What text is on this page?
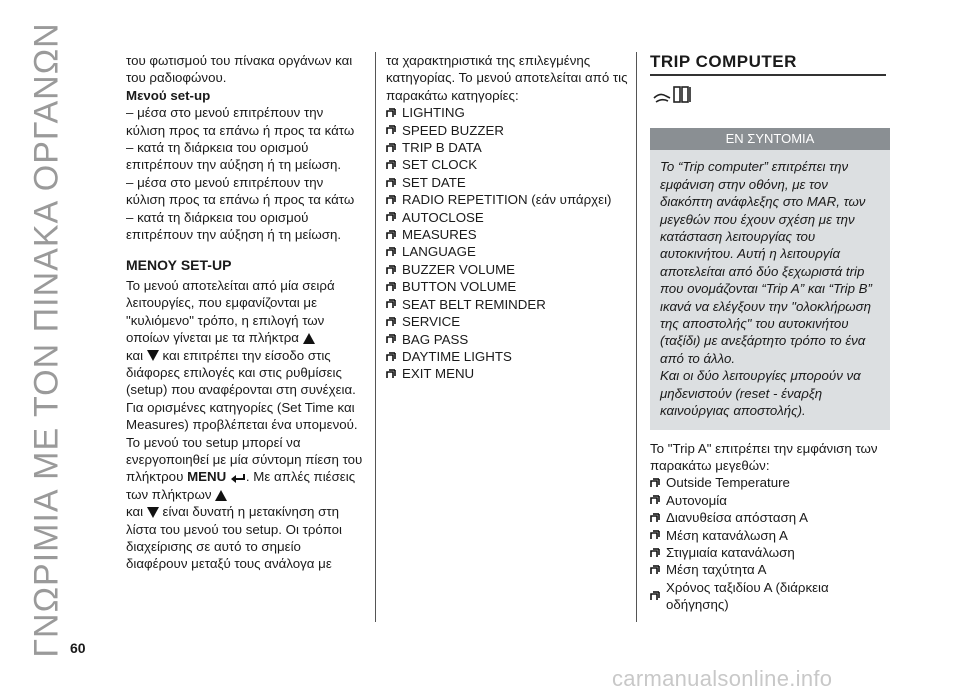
ΓΝΩΡΙΜΙΑ ΜΕ ΤΟΝ ΠΙΝΑΚΑ ΟΡΓΑΝΩΝ	του φωτισμού του πίνακα οργάνων και του ραδιοφώνου.

Μενού set-up

– μέσα στο μενού επιτρέπουν την κύλιση προς τα επάνω ή προς τα κάτω

– κατά τη διάρκεια του ορισμού επιτρέπουν την αύξηση ή τη μείωση.

– μέσα στο μενού επιτρέπουν την κύλιση προς τα επάνω ή προς τα κάτω

– κατά τη διάρκεια του ορισμού επιτρέπουν την αύξηση ή τη μείωση.

ΜΕΝΟΥ SET-UP

Το μενού αποτελείται από μία σειρά λειτουργίες, που εμφανίζονται με "κυλιόμενο" τρόπο, η επιλογή των οποίων γίνεται με τα πλήκτρα
και και επιτρέπει την είσοδο στις διάφορες επιλογές και στις ρυθμίσεις (setup) που αναφέρονται στη συνέχεια. Για ορισμένες κατηγορίες (Set Time και Measures) προβλέπεται ένα υπομενού.

Το μενού του setup μπορεί να ενεργοποιηθεί με μία σύντομη πίεση του πλήκτρου MENU . Με απλές πιέσεις των πλήκτρων
και είναι δυνατή η μετακίνηση στη λίστα του μενού του setup. Οι τρόποι διαχείρισης σε αυτό το σημείο διαφέρουν μεταξύ τους ανάλογα με

τα χαρακτηριστικά της επιλεγμένης κατηγορίας. Το μενού αποτελείται από τις παρακάτω κατηγορίες:

LIGHTING
SPEED BUZZER
TRIP B DATA
SET CLOCK
SET DATE
RADIO REPETITION (εάν υπάρχει)
AUTOCLOSE
MEASURES
LANGUAGE
BUZZER VOLUME
BUTTON VOLUME
SEAT BELT REMINDER
SERVICE
BAG PASS
DAYTIME LIGHTS
EXIT MENU

TRIP COMPUTER

ΕΝ ΣΥΝΤΟΜΙΑ

Το “Trip computer” επιτρέπει την εμφάνιση στην οθόνη, με τον διακόπτη ανάφλεξης στο MAR, των μεγεθών που έχουν σχέση με την κατάσταση λειτουργίας του αυτοκινήτου. Αυτή η λειτουργία αποτελείται από δύο ξεχωριστά trip που ονομάζονται “Trip A” και “Trip B” ικανά να ελέγξουν την "ολοκλήρωση της αποστολής" του αυτοκινήτου (ταξίδι) με ανεξάρτητο τρόπο το ένα από το άλλο.

Και οι δύο λειτουργίες μπορούν να μηδενιστούν (reset - έναρξη καινούργιας αποστολής).

Το "Trip A" επιτρέπει την εμφάνιση των παρακάτω μεγεθών:

Outside Temperature
Αυτονομία
Διανυθείσα απόσταση Α
Μέση κατανάλωση Α
Στιγμιαία κατανάλωση
Μέση ταχύτητα Α
Χρόνος ταξιδίου Α (διάρκεια οδήγησης)
60
carmanualsonline.info
